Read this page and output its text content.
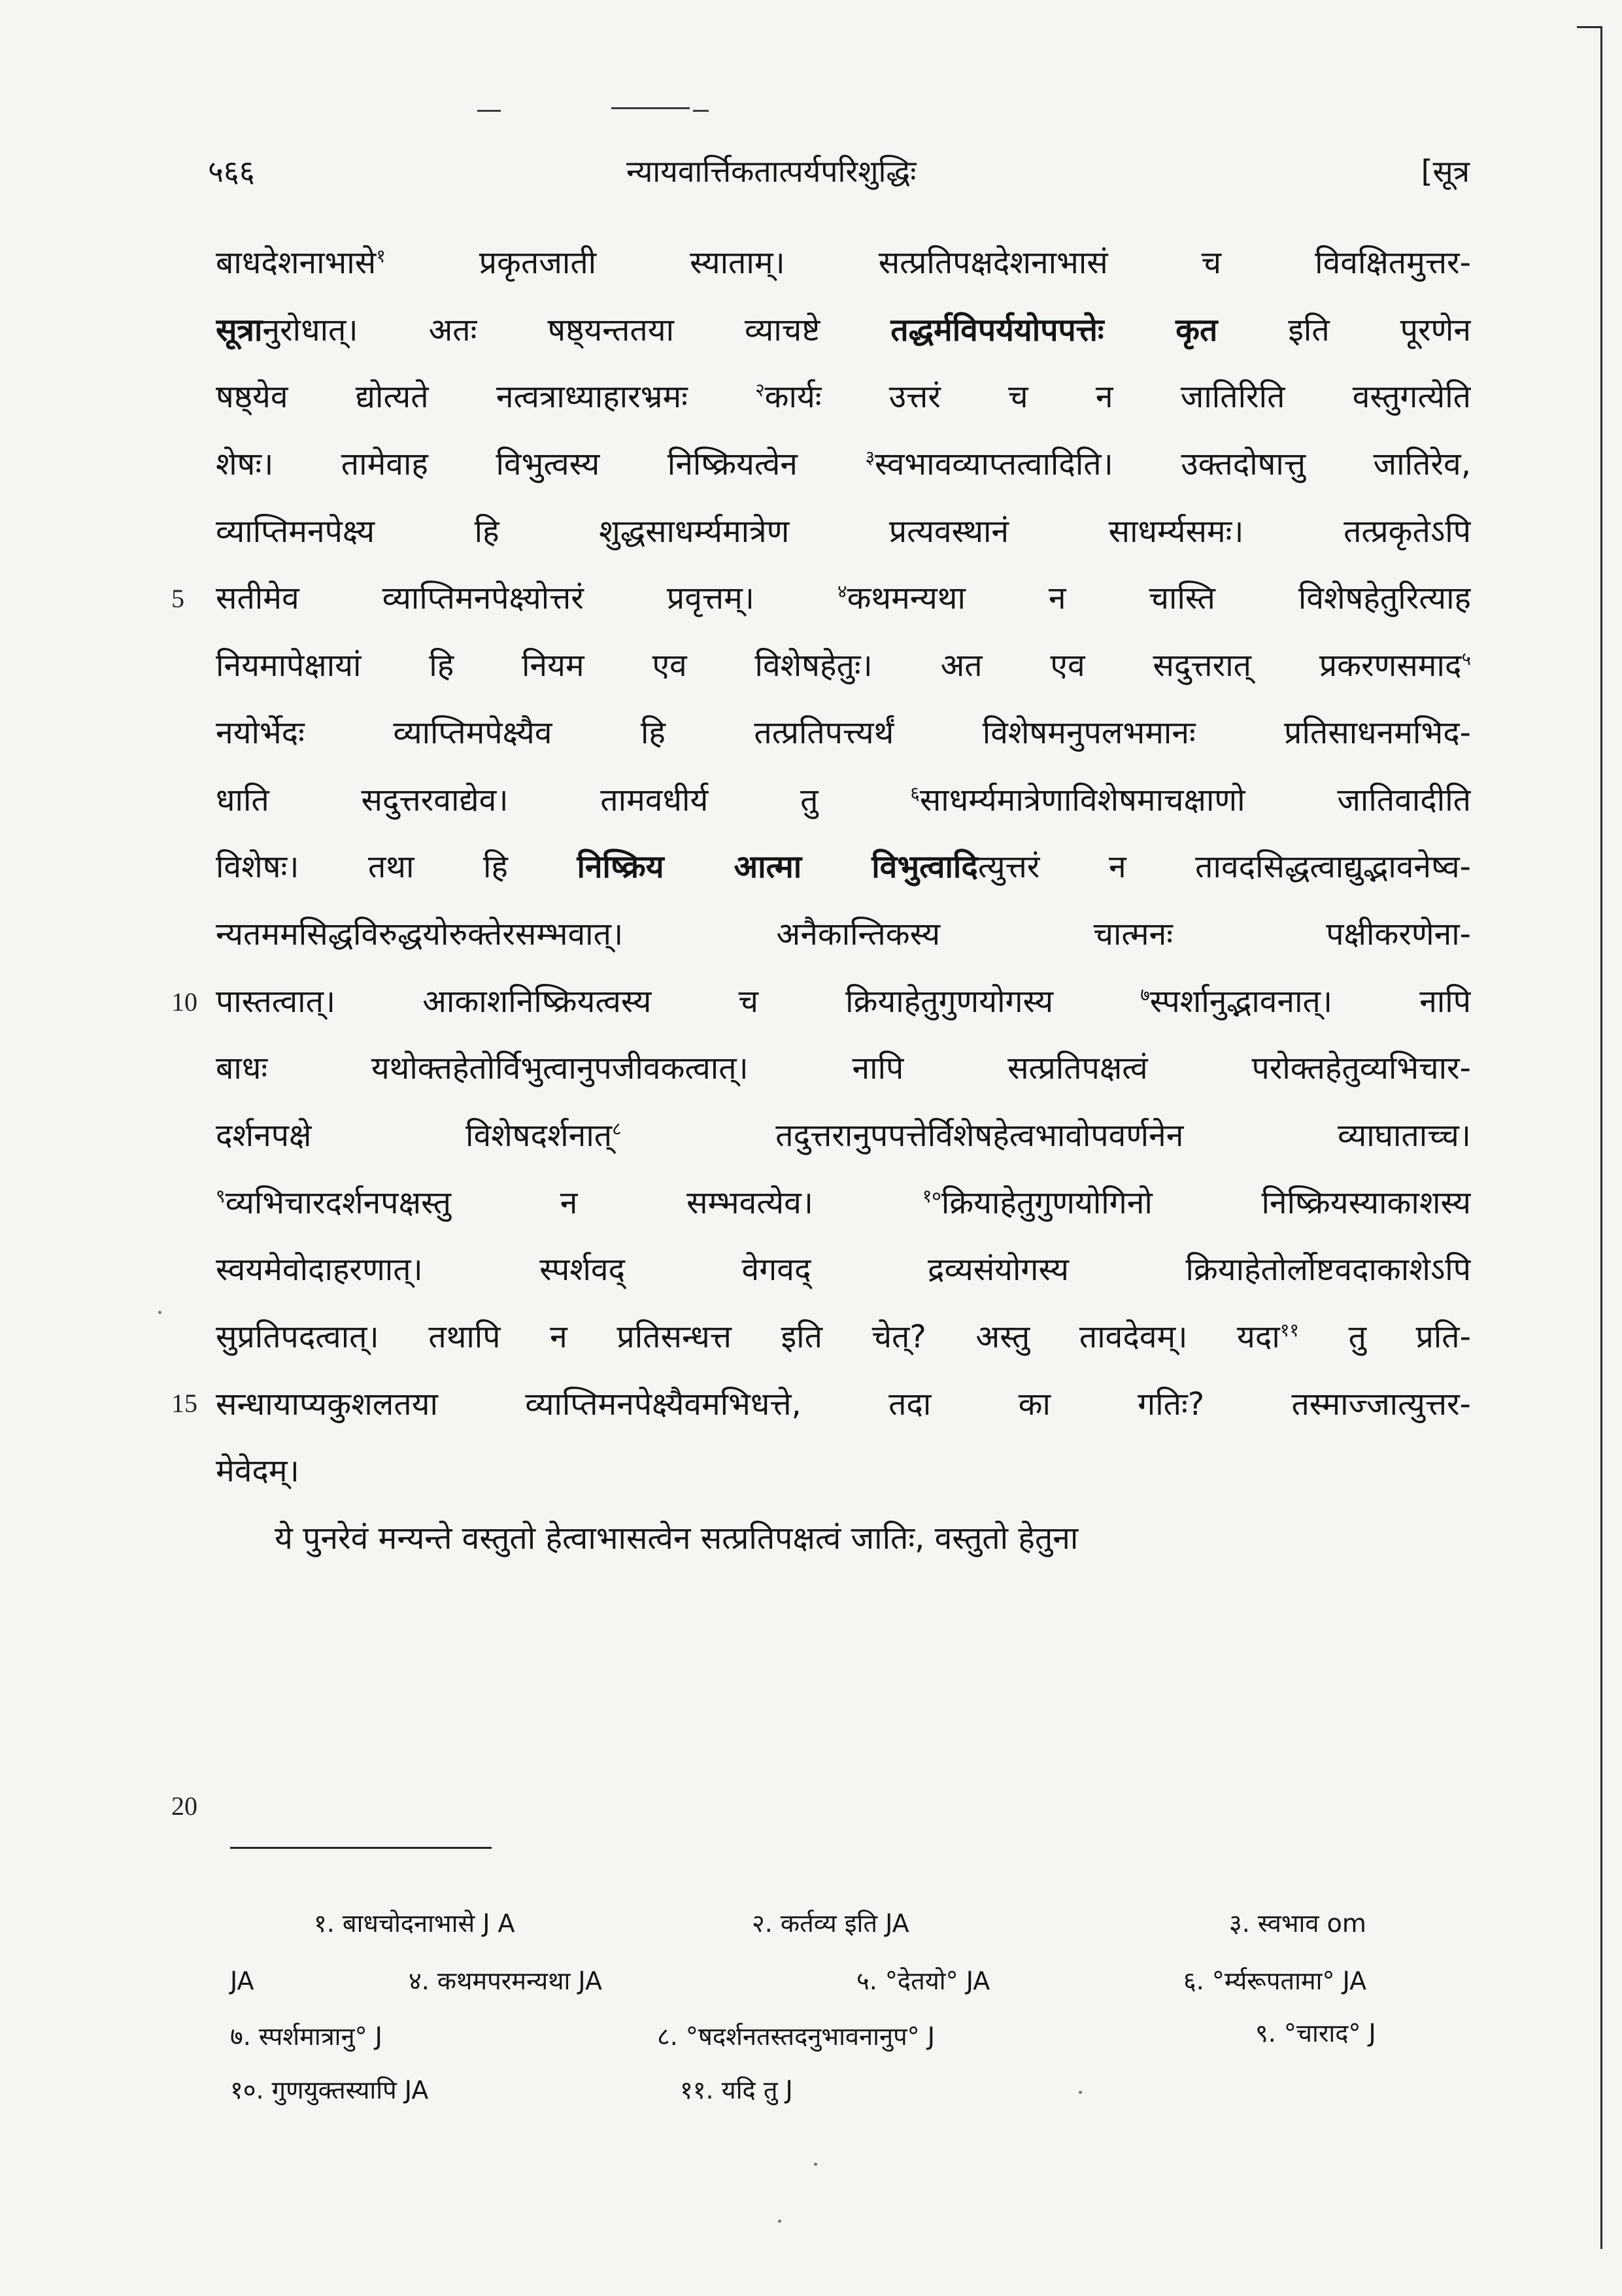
५६६	न्यायवार्त्तिकतात्पर्यपरिशुद्धिः	[सूत्र
बाधदेशनाभासे$^१$ प्रकृतजाती स्याताम्। सत्प्रतिपक्षदेशनाभासं च विवक्षितमुत्तर-
सूत्रानुरोधात्। अतः षष्ठ्यन्ततया व्याचष्टे तद्धर्मविपर्ययोपपत्तेः कृत इति पूरणेन
षष्ठ्येव द्योत्यते नत्वत्राध्याहारभ्रमः $^२$कार्यः उत्तरं च न जातिरिति वस्तुगत्येति
शेषः। तामेवाह विभुत्वस्य निष्क्रियत्वेन $^३$स्वभावव्याप्तत्वादिति। उक्तदोषात्तु जातिरेव,
व्याप्तिमनपेक्ष्य हि शुद्धसाधर्म्यमात्रेण प्रत्यवस्थानं साधर्म्यसमः। तत्प्रकृतेऽपि
सतीमेव व्याप्तिमनपेक्ष्योत्तरं प्रवृत्तम्। $^४$कथमन्यथा न चास्ति विशेषहेतुरित्याह
नियमापेक्षायां हि नियम एव विशेषहेतुः। अत एव सदुत्तरात् प्रकरणसमाद$^५$
नयोर्भेदः व्याप्तिमपेक्ष्यैव हि तत्प्रतिपत्त्यर्थं विशेषमनुपलभमानः प्रतिसाधनमभिद-
धाति सदुत्तरवाद्येव। तामवधीर्य तु $^६$साधर्म्यमात्रेणाविशेषमाचक्षाणो जातिवादीति
विशेषः। तथा हि निष्क्रिय आत्मा विभुत्वादित्युत्तरं न तावदसिद्धत्वाद्युद्भावनेष्व-
न्यतममसिद्धविरुद्धयोरुक्तेरसम्भवात्। अनैकान्तिकस्य चात्मनः पक्षीकरणेना-
पास्तत्वात्। आकाशनिष्क्रियत्वस्य च क्रियाहेतुगुणयोगस्य $^७$स्पर्शानुद्भावनात्। नापि
बाधः यथोक्तहेतोर्विभुत्वानुपजीवकत्वात्। नापि सत्प्रतिपक्षत्वं परोक्तहेतुव्यभिचार-
दर्शनपक्षे विशेषदर्शनात्$^८$ तदुत्तरानुपपत्तेर्विशेषहेत्वभावोपवर्णनेन व्याघाताच्च।
$^९$व्यभिचारदर्शनपक्षस्तु न सम्भवत्येव। $^{१०}$क्रियाहेतुगुणयोगिनो निष्क्रियस्याकाशस्य
स्वयमेवोदाहरणात्। स्पर्शवद् वेगवद् द्रव्यसंयोगस्य क्रियाहेतोर्लोष्टवदाकाशेऽपि
सुप्रतिपदत्वात्। तथापि न प्रतिसन्धत्त इति चेत्? अस्तु तावदेवम्। यदा$^{११}$ तु प्रति-
सन्धायाप्यकुशलतया व्याप्तिमनपेक्ष्यैवमभिधत्ते, तदा का गतिः? तस्माज्जात्युत्तर-
मेवेदम्।
ये पुनरेवं मन्यन्ते वस्तुतो हेत्वाभासत्वेन सत्प्रतिपक्षत्वं जातिः, वस्तुतो हेतुना
5
10
15
20
१. बाधचोदनाभासे J A	२. कर्तव्य इति JA	३. स्वभाव om
JA	४. कथमपरमन्यथा JA	५. °देतयो° JA	६. °र्म्यरूपतामा° JA
७. स्पर्शमात्रानु° J	८. °षदर्शनतस्तदनुभावनानुप° J	९. °चाराद° J
१०. गुणयुक्तस्यापि JA	११. यदि तु J
